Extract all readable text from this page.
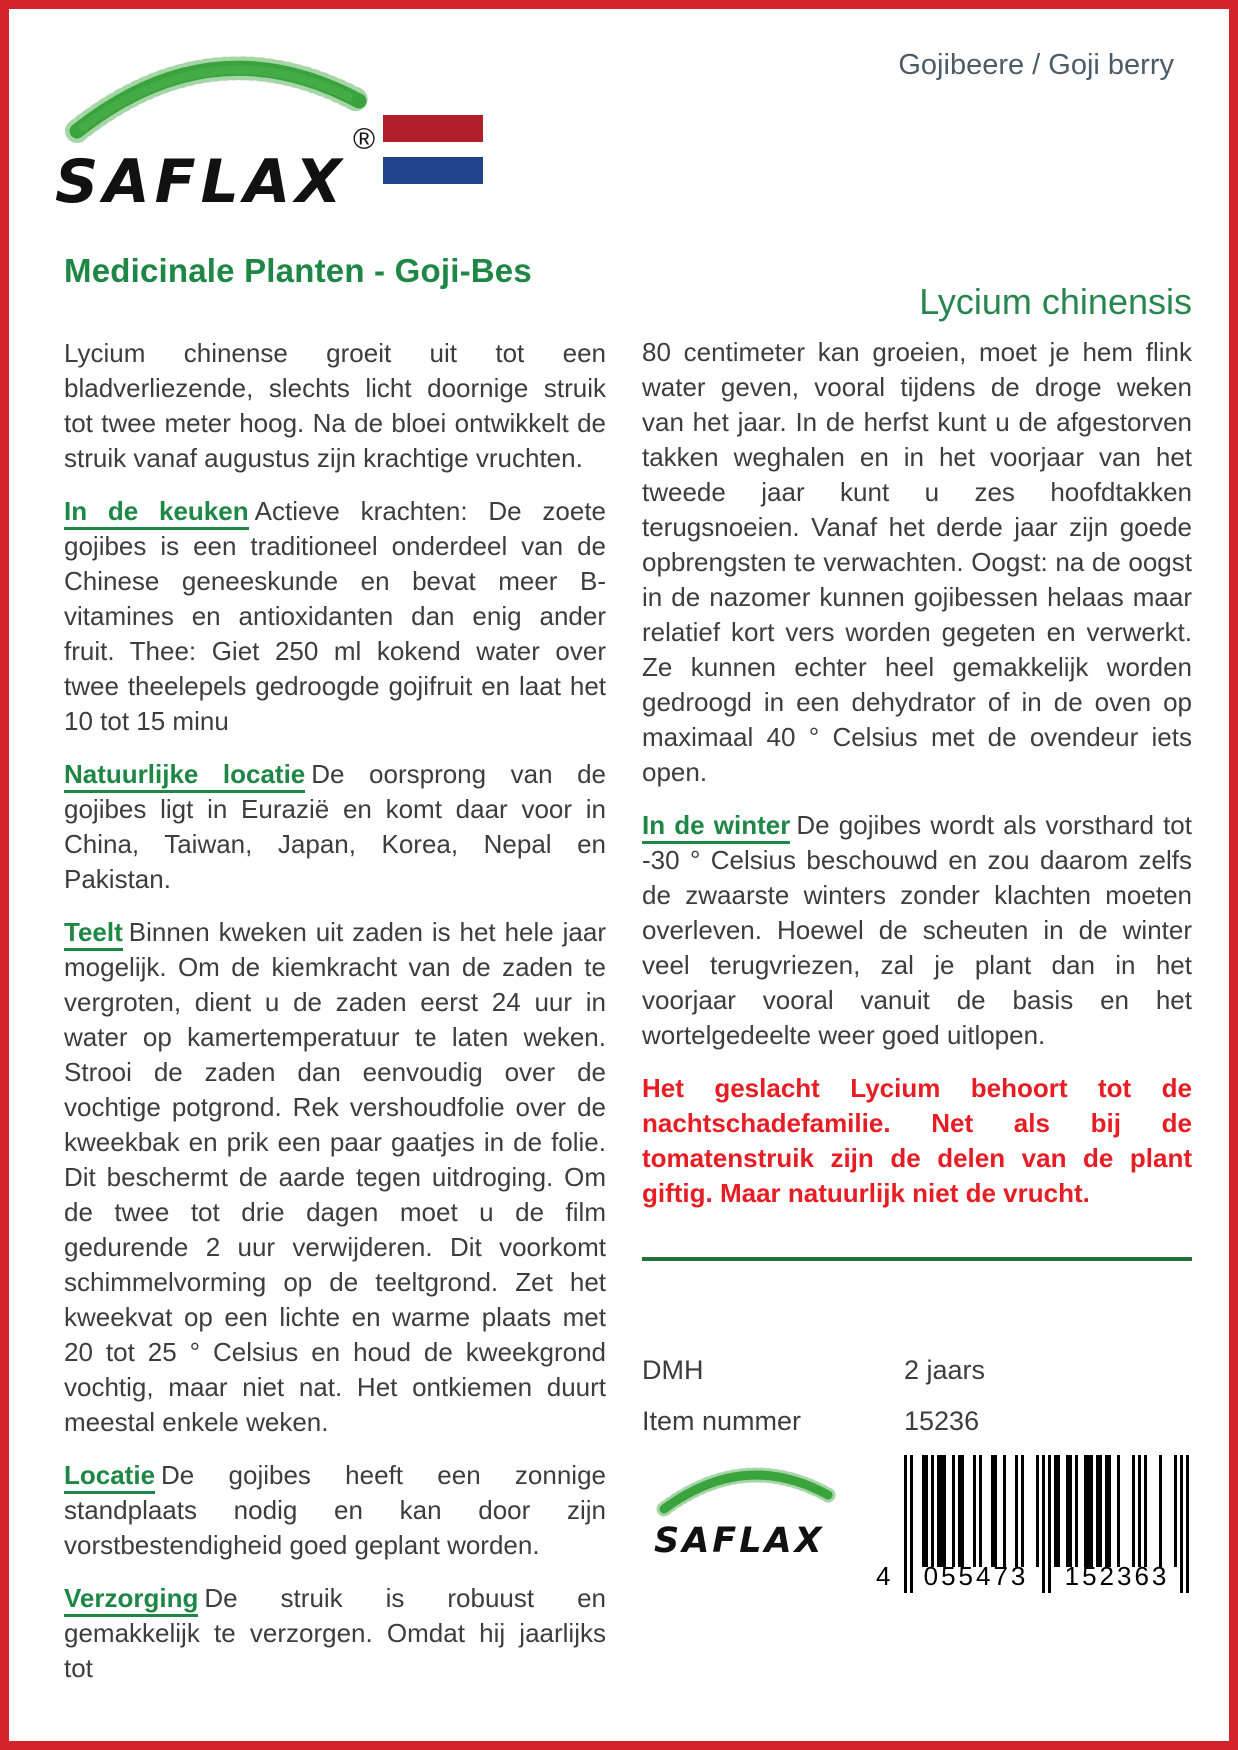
SAFLAX
®
Gojibeere / Goji berry
Medicinale Planten - Goji-Bes

Lycium chinense groeit uit tot een bladverliezende, slechts licht doornige struik tot twee meter hoog. Na de bloei ontwikkelt de struik vanaf augustus zijn krachtige vruchten.

In de keuken Actieve krachten: De zoete gojibes is een traditioneel onderdeel van de Chinese geneeskunde en bevat meer B-vitamines en antioxidanten dan enig ander fruit. Thee: Giet 250 ml kokend water over twee theelepels gedroogde gojifruit en laat het 10 tot 15 minu

Natuurlijke locatie De oorsprong van de gojibes ligt in Eurazië en komt daar voor in China, Taiwan, Japan, Korea, Nepal en Pakistan.

Teelt Binnen kweken uit zaden is het hele jaar mogelijk. Om de kiemkracht van de zaden te vergroten, dient u de zaden eerst 24 uur in water op kamertemperatuur te laten weken. Strooi de zaden dan eenvoudig over de vochtige potgrond. Rek vershoudfolie over de kweekbak en prik een paar gaatjes in de folie. Dit beschermt de aarde tegen uitdroging. Om de twee tot drie dagen moet u de film gedurende 2 uur verwijderen. Dit voorkomt schimmelvorming op de teeltgrond. Zet het kweekvat op een lichte en warme plaats met 20 tot 25 ° Celsius en houd de kweekgrond vochtig, maar niet nat. Het ontkiemen duurt meestal enkele weken.

Locatie De gojibes heeft een zonnige standplaats nodig en kan door zijn vorstbestendigheid goed geplant worden.

Verzorging De struik is robuust en gemakkelijk te verzorgen. Omdat hij jaarlijks tot

Lycium chinensis

80 centimeter kan groeien, moet je hem flink water geven, vooral tijdens de droge weken van het jaar. In de herfst kunt u de afgestorven takken weghalen en in het voorjaar van het tweede jaar kunt u zes hoofdtakken terugsnoeien. Vanaf het derde jaar zijn goede opbrengsten te verwachten. Oogst: na de oogst in de nazomer kunnen gojibessen helaas maar relatief kort vers worden gegeten en verwerkt. Ze kunnen echter heel gemakkelijk worden gedroogd in een dehydrator of in de oven op maximaal 40 ° Celsius met de ovendeur iets open.

In de winter De gojibes wordt als vorsthard tot -30 ° Celsius beschouwd en zou daarom zelfs de zwaarste winters zonder klachten moeten overleven. Hoewel de scheuten in de winter veel terugvriezen, zal je plant dan in het voorjaar vooral vanuit de basis en het wortelgedeelte weer goed uitlopen.

Het geslacht Lycium behoort tot de nachtschadefamilie. Net als bij de tomatenstruik zijn de delen van de plant giftig. Maar natuurlijk niet de vrucht.

DMH	2 jaars
Item nummer	15236
SAFLAX
4 055473 152363
